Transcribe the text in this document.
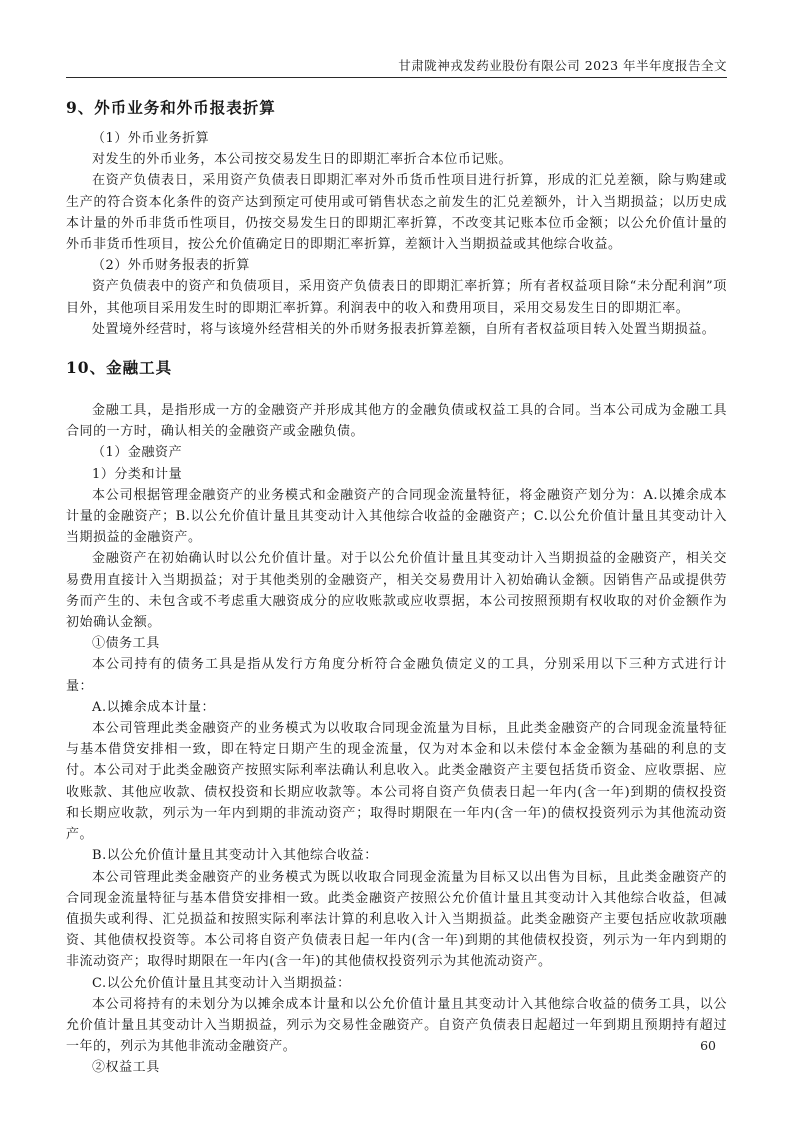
甘肃陇神戎发药业股份有限公司 2023 年半年度报告全文
9、外币业务和外币报表折算

（1）外币业务折算

对发生的外币业务，本公司按交易发生日的即期汇率折合本位币记账。

在资产负债表日，采用资产负债表日即期汇率对外币货币性项目进行折算，形成的汇兑差额，除与购建或生产的符合资本化条件的资产达到预定可使用或可销售状态之前发生的汇兑差额外，计入当期损益；以历史成本计量的外币非货币性项目，仍按交易发生日的即期汇率折算，不改变其记账本位币金额；以公允价值计量的外币非货币性项目，按公允价值确定日的即期汇率折算，差额计入当期损益或其他综合收益。

（2）外币财务报表的折算

资产负债表中的资产和负债项目，采用资产负债表日的即期汇率折算；所有者权益项目除“未分配利润”项目外，其他项目采用发生时的即期汇率折算。利润表中的收入和费用项目，采用交易发生日的即期汇率。

处置境外经营时，将与该境外经营相关的外币财务报表折算差额，自所有者权益项目转入处置当期损益。

10、金融工具

金融工具，是指形成一方的金融资产并形成其他方的金融负债或权益工具的合同。当本公司成为金融工具合同的一方时，确认相关的金融资产或金融负债。

（1）金融资产

1）分类和计量

本公司根据管理金融资产的业务模式和金融资产的合同现金流量特征，将金融资产划分为：A.以摊余成本计量的金融资产；B.以公允价值计量且其变动计入其他综合收益的金融资产；C.以公允价值计量且其变动计入当期损益的金融资产。

金融资产在初始确认时以公允价值计量。对于以公允价值计量且其变动计入当期损益的金融资产，相关交易费用直接计入当期损益；对于其他类别的金融资产，相关交易费用计入初始确认金额。因销售产品或提供劳务而产生的、未包含或不考虑重大融资成分的应收账款或应收票据，本公司按照预期有权收取的对价金额作为初始确认金额。

①债务工具

本公司持有的债务工具是指从发行方角度分析符合金融负债定义的工具，分别采用以下三种方式进行计量：

A.以摊余成本计量：

本公司管理此类金融资产的业务模式为以收取合同现金流量为目标，且此类金融资产的合同现金流量特征与基本借贷安排相一致，即在特定日期产生的现金流量，仅为对本金和以未偿付本金金额为基础的利息的支付。本公司对于此类金融资产按照实际利率法确认利息收入。此类金融资产主要包括货币资金、应收票据、应收账款、其他应收款、债权投资和长期应收款等。本公司将自资产负债表日起一年内(含一年)到期的债权投资和长期应收款，列示为一年内到期的非流动资产；取得时期限在一年内(含一年)的债权投资列示为其他流动资产。

B.以公允价值计量且其变动计入其他综合收益：

本公司管理此类金融资产的业务模式为既以收取合同现金流量为目标又以出售为目标，且此类金融资产的合同现金流量特征与基本借贷安排相一致。此类金融资产按照公允价值计量且其变动计入其他综合收益，但减值损失或利得、汇兑损益和按照实际利率法计算的利息收入计入当期损益。此类金融资产主要包括应收款项融资、其他债权投资等。本公司将自资产负债表日起一年内(含一年)到期的其他债权投资，列示为一年内到期的非流动资产；取得时期限在一年内(含一年)的其他债权投资列示为其他流动资产。

C.以公允价值计量且其变动计入当期损益：

本公司将持有的未划分为以摊余成本计量和以公允价值计量且其变动计入其他综合收益的债务工具，以公允价值计量且其变动计入当期损益，列示为交易性金融资产。自资产负债表日起超过一年到期且预期持有超过一年的，列示为其他非流动金融资产。

②权益工具

60
